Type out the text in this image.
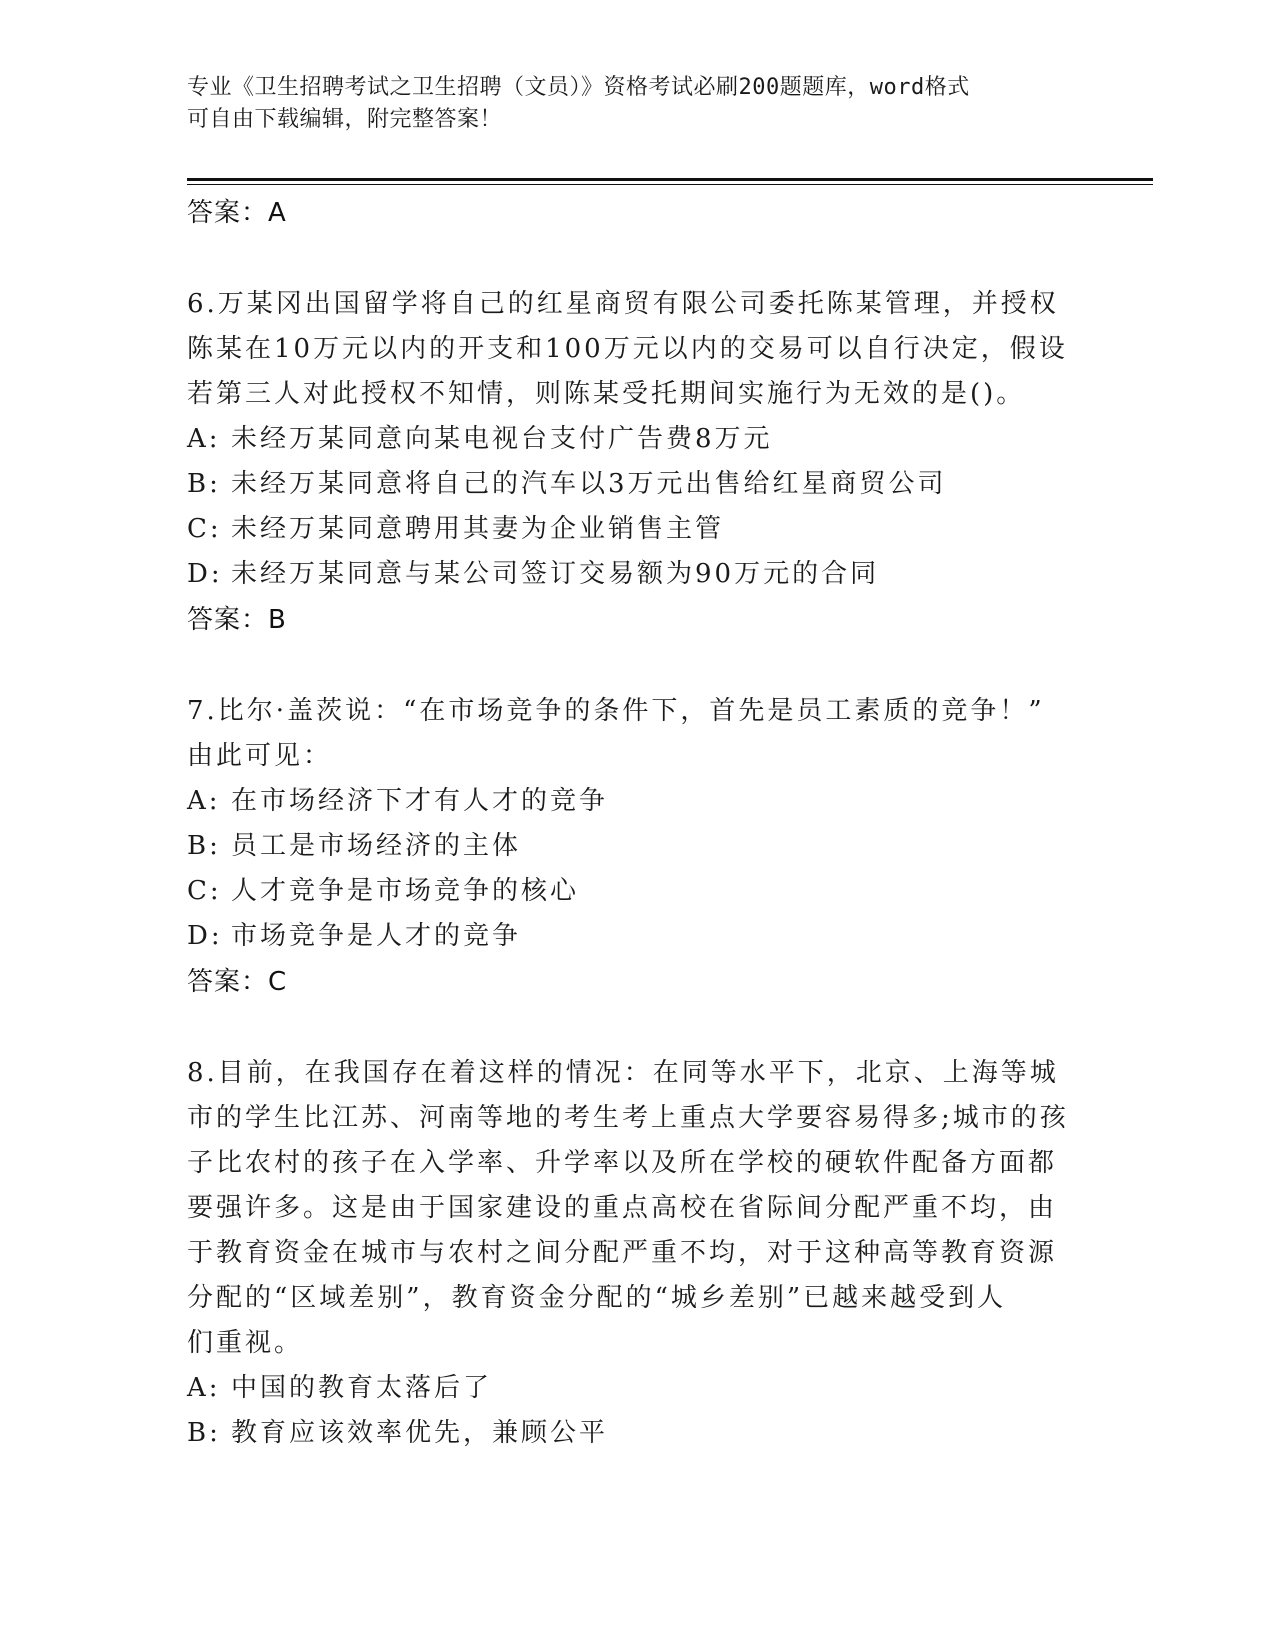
专业《卫生招聘考试之卫生招聘（文员）》资格考试必刷200题题库，word格式
可自由下载编辑，附完整答案！
答案：A
6.万某冈出国留学将自己的红星商贸有限公司委托陈某管理，并授权
陈某在10万元以内的开支和100万元以内的交易可以自行决定，假设
若第三人对此授权不知情，则陈某受托期间实施行为无效的是()。
A: 未经万某同意向某电视台支付广告费8万元
B: 未经万某同意将自己的汽车以3万元出售给红星商贸公司
C: 未经万某同意聘用其妻为企业销售主管
D: 未经万某同意与某公司签订交易额为90万元的合同
答案：B
7.比尔·盖茨说：“在市场竞争的条件下，首先是员工素质的竞争！”
由此可见：
A: 在市场经济下才有人才的竞争
B: 员工是市场经济的主体
C: 人才竞争是市场竞争的核心
D: 市场竞争是人才的竞争
答案：C
8.目前，在我国存在着这样的情况：在同等水平下，北京、上海等城
市的学生比江苏、河南等地的考生考上重点大学要容易得多;城市的孩
子比农村的孩子在入学率、升学率以及所在学校的硬软件配备方面都
要强许多。这是由于国家建设的重点高校在省际间分配严重不均，由
于教育资金在城市与农村之间分配严重不均，对于这种高等教育资源
分配的“区域差别”，教育资金分配的“城乡差别”已越来越受到人
们重视。
A: 中国的教育太落后了
B: 教育应该效率优先，兼顾公平
